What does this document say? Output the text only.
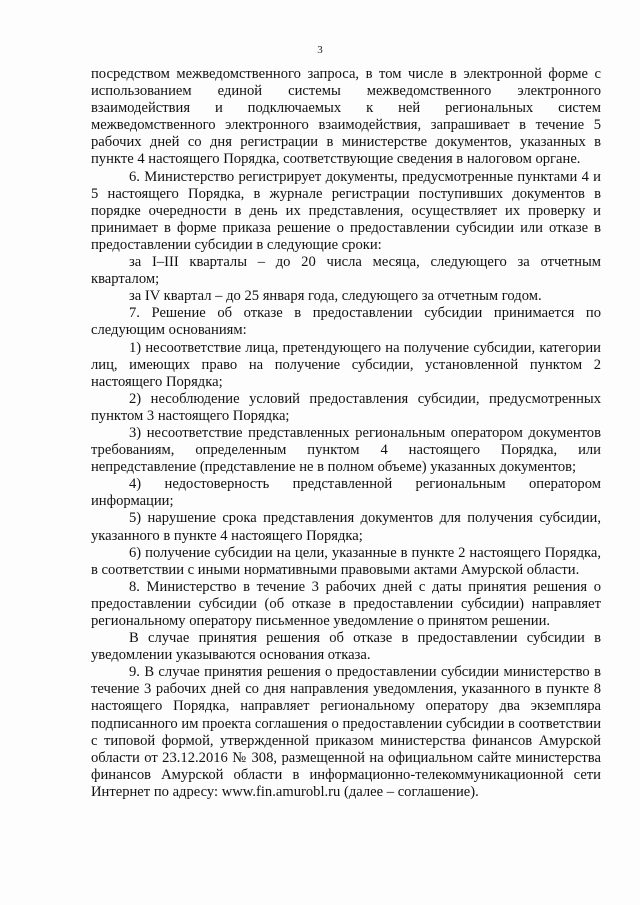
3

посредством межведомственного запроса, в том числе в электронной форме с использованием единой системы межведомственного электронного взаимодействия и подключаемых к ней региональных систем межведомственного электронного взаимодействия, запрашивает в течение 5 рабочих дней со дня регистрации в министерстве документов, указанных в пункте 4 настоящего Порядка, соответствующие сведения в налоговом органе.

6. Министерство регистрирует документы, предусмотренные пунктами 4 и 5 настоящего Порядка, в журнале регистрации поступивших документов в порядке очередности в день их представления, осуществляет их проверку и принимает в форме приказа решение о предоставлении субсидии или отказе в предоставлении субсидии в следующие сроки:

за I–III кварталы – до 20 числа месяца, следующего за отчетным кварталом;

за IV квартал – до 25 января года, следующего за отчетным годом.

7. Решение об отказе в предоставлении субсидии принимается по следующим основаниям:

1) несоответствие лица, претендующего на получение субсидии, категории лиц, имеющих право на получение субсидии, установленной пунктом 2 настоящего Порядка;

2) несоблюдение условий предоставления субсидии, предусмотренных пунктом 3 настоящего Порядка;

3) несоответствие представленных региональным оператором документов требованиям, определенным пунктом 4 настоящего Порядка, или непредставление (представление не в полном объеме) указанных документов;

4) недостоверность представленной региональным оператором информации;

5) нарушение срока представления документов для получения субсидии, указанного в пункте 4 настоящего Порядка;

6) получение субсидии на цели, указанные в пункте 2 настоящего Порядка, в соответствии с иными нормативными правовыми актами Амурской области.

8. Министерство в течение 3 рабочих дней с даты принятия решения о предоставлении субсидии (об отказе в предоставлении субсидии) направляет региональному оператору письменное уведомление о принятом решении.

В случае принятия решения об отказе в предоставлении субсидии в уведомлении указываются основания отказа.

9. В случае принятия решения о предоставлении субсидии министерство в течение 3 рабочих дней со дня направления уведомления, указанного в пункте 8 настоящего Порядка, направляет региональному оператору два экземпляра подписанного им проекта соглашения о предоставлении субсидии в соответствии с типовой формой, утвержденной приказом министерства финансов Амурской области от 23.12.2016 № 308, размещенной на официальном сайте министерства финансов Амурской области в информационно-телекоммуникационной сети Интернет по адресу: www.fin.amurobl.ru (далее – соглашение).
